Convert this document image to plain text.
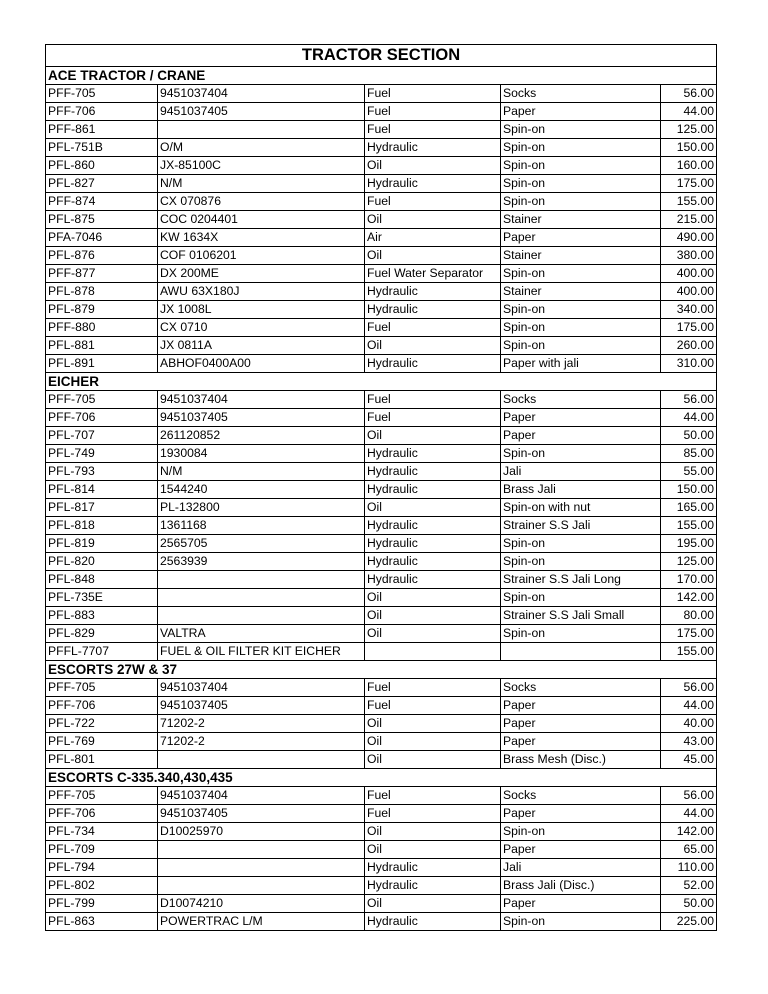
TRACTOR SECTION				
ACE TRACTOR / CRANE				
PFF-705	9451037404	Fuel	Socks	56.00
PFF-706	9451037405	Fuel	Paper	44.00
PFF-861		Fuel	Spin-on	125.00
PFL-751B	O/M	Hydraulic	Spin-on	150.00
PFL-860	JX-85100C	Oil	Spin-on	160.00
PFL-827	N/M	Hydraulic	Spin-on	175.00
PFF-874	CX 070876	Fuel	Spin-on	155.00
PFL-875	COC 0204401	Oil	Stainer	215.00
PFA-7046	KW 1634X	Air	Paper	490.00
PFL-876	COF 0106201	Oil	Stainer	380.00
PFF-877	DX 200ME	Fuel Water Separator	Spin-on	400.00
PFL-878	AWU 63X180J	Hydraulic	Stainer	400.00
PFL-879	JX 1008L	Hydraulic	Spin-on	340.00
PFF-880	CX 0710	Fuel	Spin-on	175.00
PFL-881	JX 0811A	Oil	Spin-on	260.00
PFL-891	ABHOF0400A00	Hydraulic	Paper with jali	310.00
EICHER				
PFF-705	9451037404	Fuel	Socks	56.00
PFF-706	9451037405	Fuel	Paper	44.00
PFL-707	261120852	Oil	Paper	50.00
PFL-749	1930084	Hydraulic	Spin-on	85.00
PFL-793	N/M	Hydraulic	Jali	55.00
PFL-814	1544240	Hydraulic	Brass Jali	150.00
PFL-817	PL-132800	Oil	Spin-on with nut	165.00
PFL-818	1361168	Hydraulic	Strainer S.S Jali	155.00
PFL-819	2565705	Hydraulic	Spin-on	195.00
PFL-820	2563939	Hydraulic	Spin-on	125.00
PFL-848		Hydraulic	Strainer S.S Jali Long	170.00
PFL-735E		Oil	Spin-on	142.00
PFL-883		Oil	Strainer S.S Jali Small	80.00
PFL-829	VALTRA	Oil	Spin-on	175.00
PFFL-7707	FUEL & OIL FILTER KIT EICHER			155.00
ESCORTS 27W & 37				
PFF-705	9451037404	Fuel	Socks	56.00
PFF-706	9451037405	Fuel	Paper	44.00
PFL-722	71202-2	Oil	Paper	40.00
PFL-769	71202-2	Oil	Paper	43.00
PFL-801		Oil	Brass Mesh (Disc.)	45.00
ESCORTS C-335.340,430,435				
PFF-705	9451037404	Fuel	Socks	56.00
PFF-706	9451037405	Fuel	Paper	44.00
PFL-734	D10025970	Oil	Spin-on	142.00
PFL-709		Oil	Paper	65.00
PFL-794		Hydraulic	Jali	110.00
PFL-802		Hydraulic	Brass Jali (Disc.)	52.00
PFL-799	D10074210	Oil	Paper	50.00
PFL-863	POWERTRAC L/M	Hydraulic	Spin-on	225.00
